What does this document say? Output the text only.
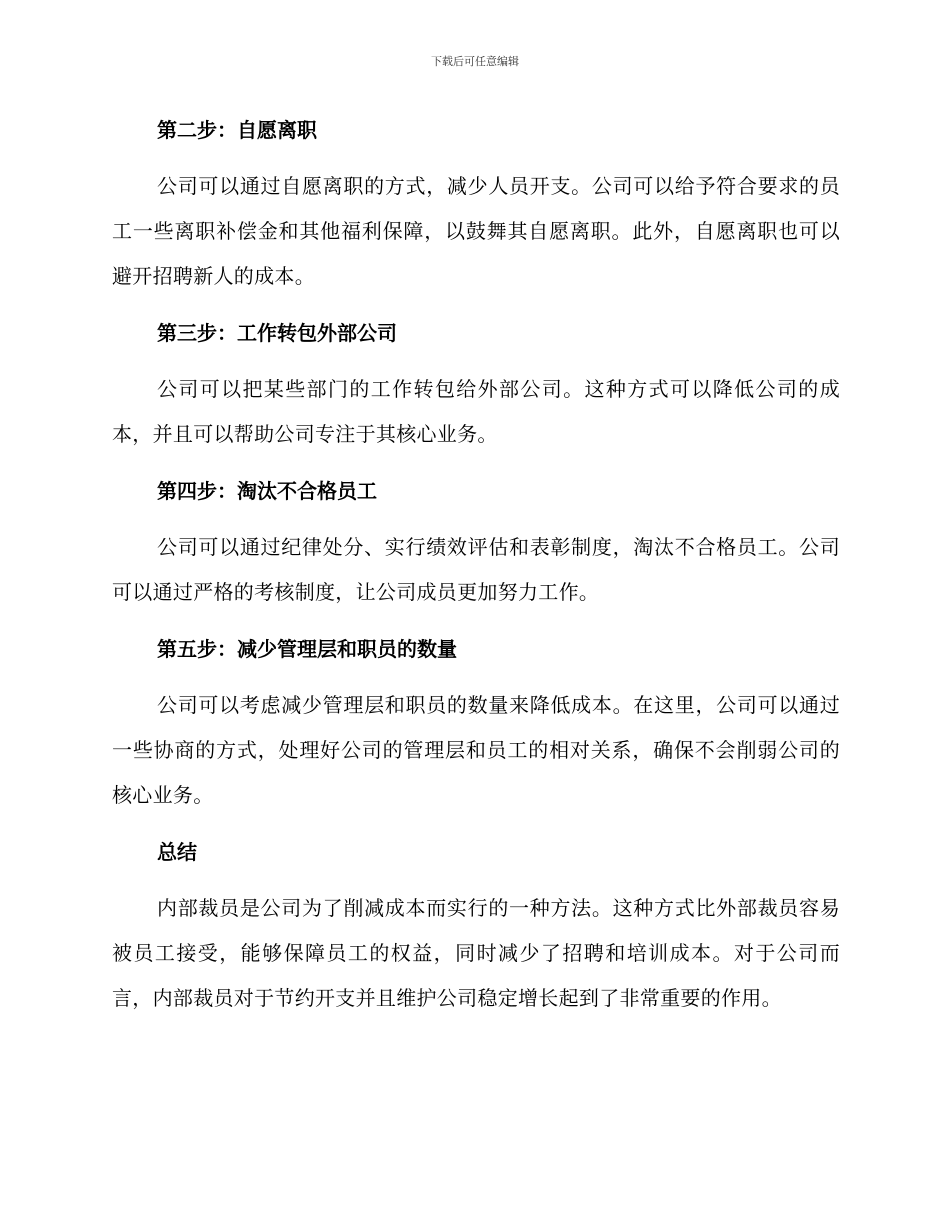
下载后可任意编辑
第二步：自愿离职

公司可以通过自愿离职的方式，减少人员开支。公司可以给予符合要求的员工一些离职补偿金和其他福利保障，以鼓舞其自愿离职。此外，自愿离职也可以避开招聘新人的成本。

第三步：工作转包外部公司

公司可以把某些部门的工作转包给外部公司。这种方式可以降低公司的成本，并且可以帮助公司专注于其核心业务。

第四步：淘汰不合格员工

公司可以通过纪律处分、实行绩效评估和表彰制度，淘汰不合格员工。公司可以通过严格的考核制度，让公司成员更加努力工作。

第五步：减少管理层和职员的数量

公司可以考虑减少管理层和职员的数量来降低成本。在这里，公司可以通过一些协商的方式，处理好公司的管理层和员工的相对关系，确保不会削弱公司的核心业务。

总结

内部裁员是公司为了削减成本而实行的一种方法。这种方式比外部裁员容易被员工接受，能够保障员工的权益，同时减少了招聘和培训成本。对于公司而言，内部裁员对于节约开支并且维护公司稳定增长起到了非常重要的作用。
